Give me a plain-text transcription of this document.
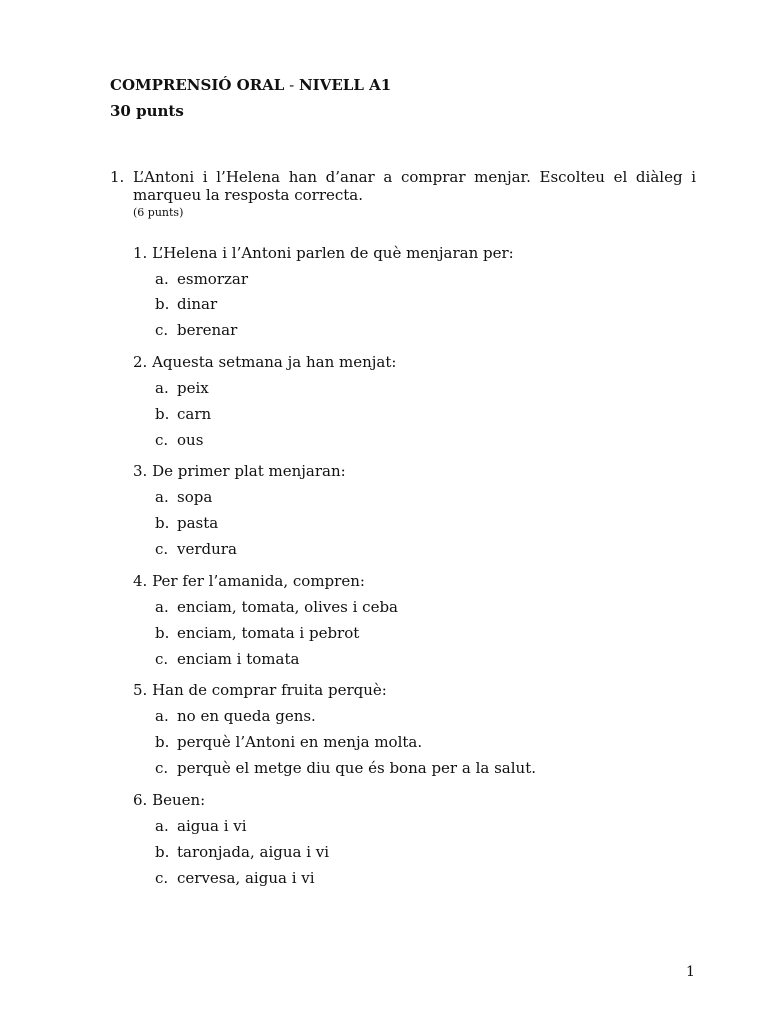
COMPRENSIÓ ORAL - NIVELL A1
30 punts
1. L’Antoni i l’Helena han d’anar a comprar menjar. Escolteu el diàleg i marqueu la resposta correcta.
(6 punts)
1. L’Helena i l’Antoni parlen de què menjaran per:
a. esmorzar
b. dinar
c. berenar
2. Aquesta setmana ja han menjat:
a. peix
b. carn
c. ous
3. De primer plat menjaran:
a. sopa
b. pasta
c. verdura
4. Per fer l’amanida, compren:
a. enciam, tomata, olives i ceba
b. enciam, tomata i pebrot
c. enciam i tomata
5. Han de comprar fruita perquè:
a. no en queda gens.
b. perquè l’Antoni en menja molta.
c. perquè el metge diu que és bona per a la salut.
6. Beuen:
a. aigua i vi
b. taronjada, aigua i vi
c. cervesa, aigua i vi
1
